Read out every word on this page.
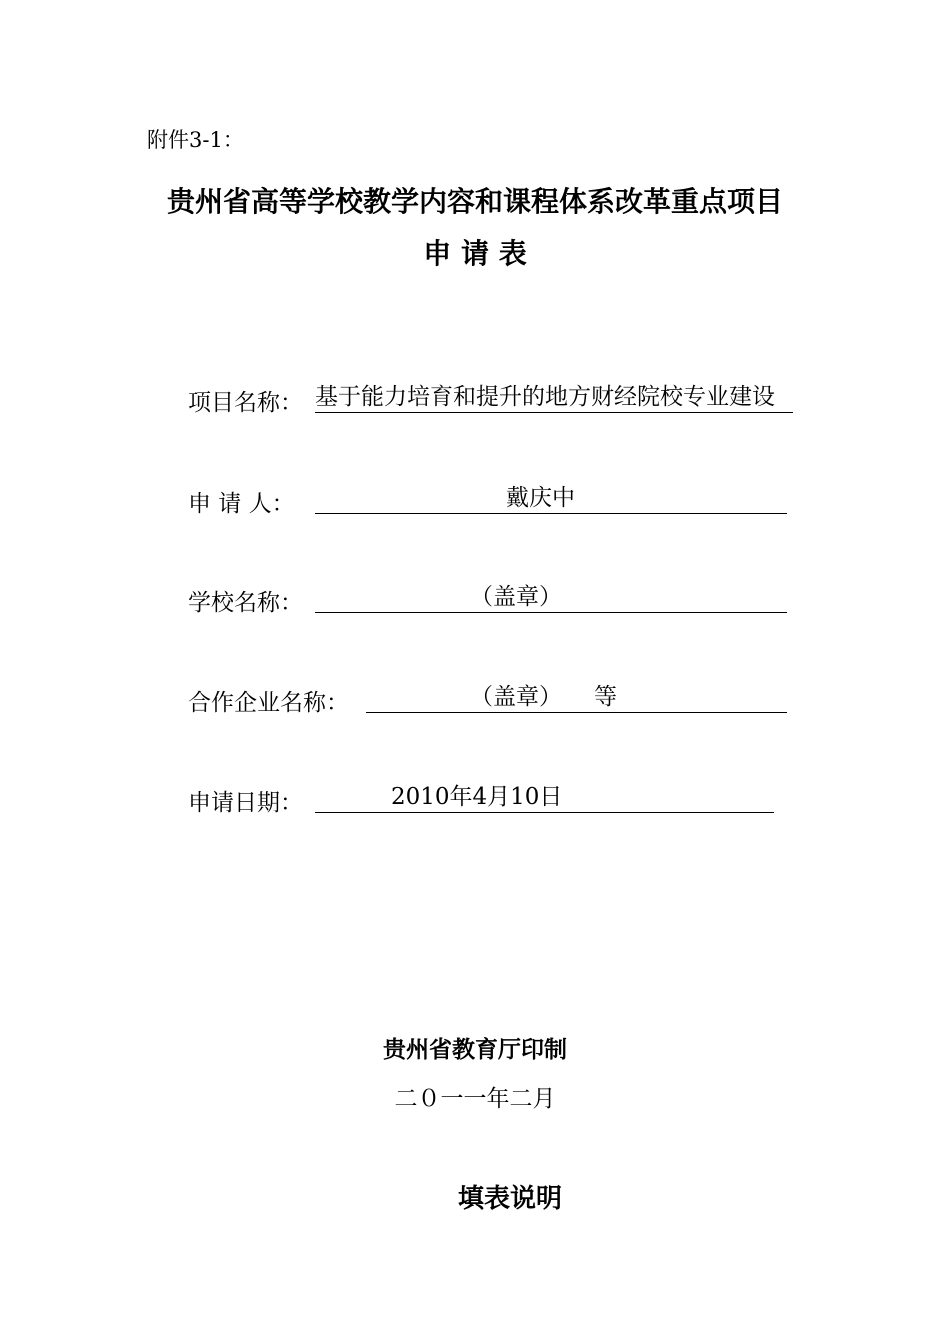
附件3-1：
贵州省高等学校教学内容和课程体系改革重点项目
申 请 表
项目名称： 基于能力培育和提升的地方财经院校专业建设
申 请 人：	戴庆中
学校名称：	（盖章）
合作企业名称：	（盖章） 等
申请日期：	2010年4月10日
贵州省教育厅印制
二０一一年二月
填表说明
